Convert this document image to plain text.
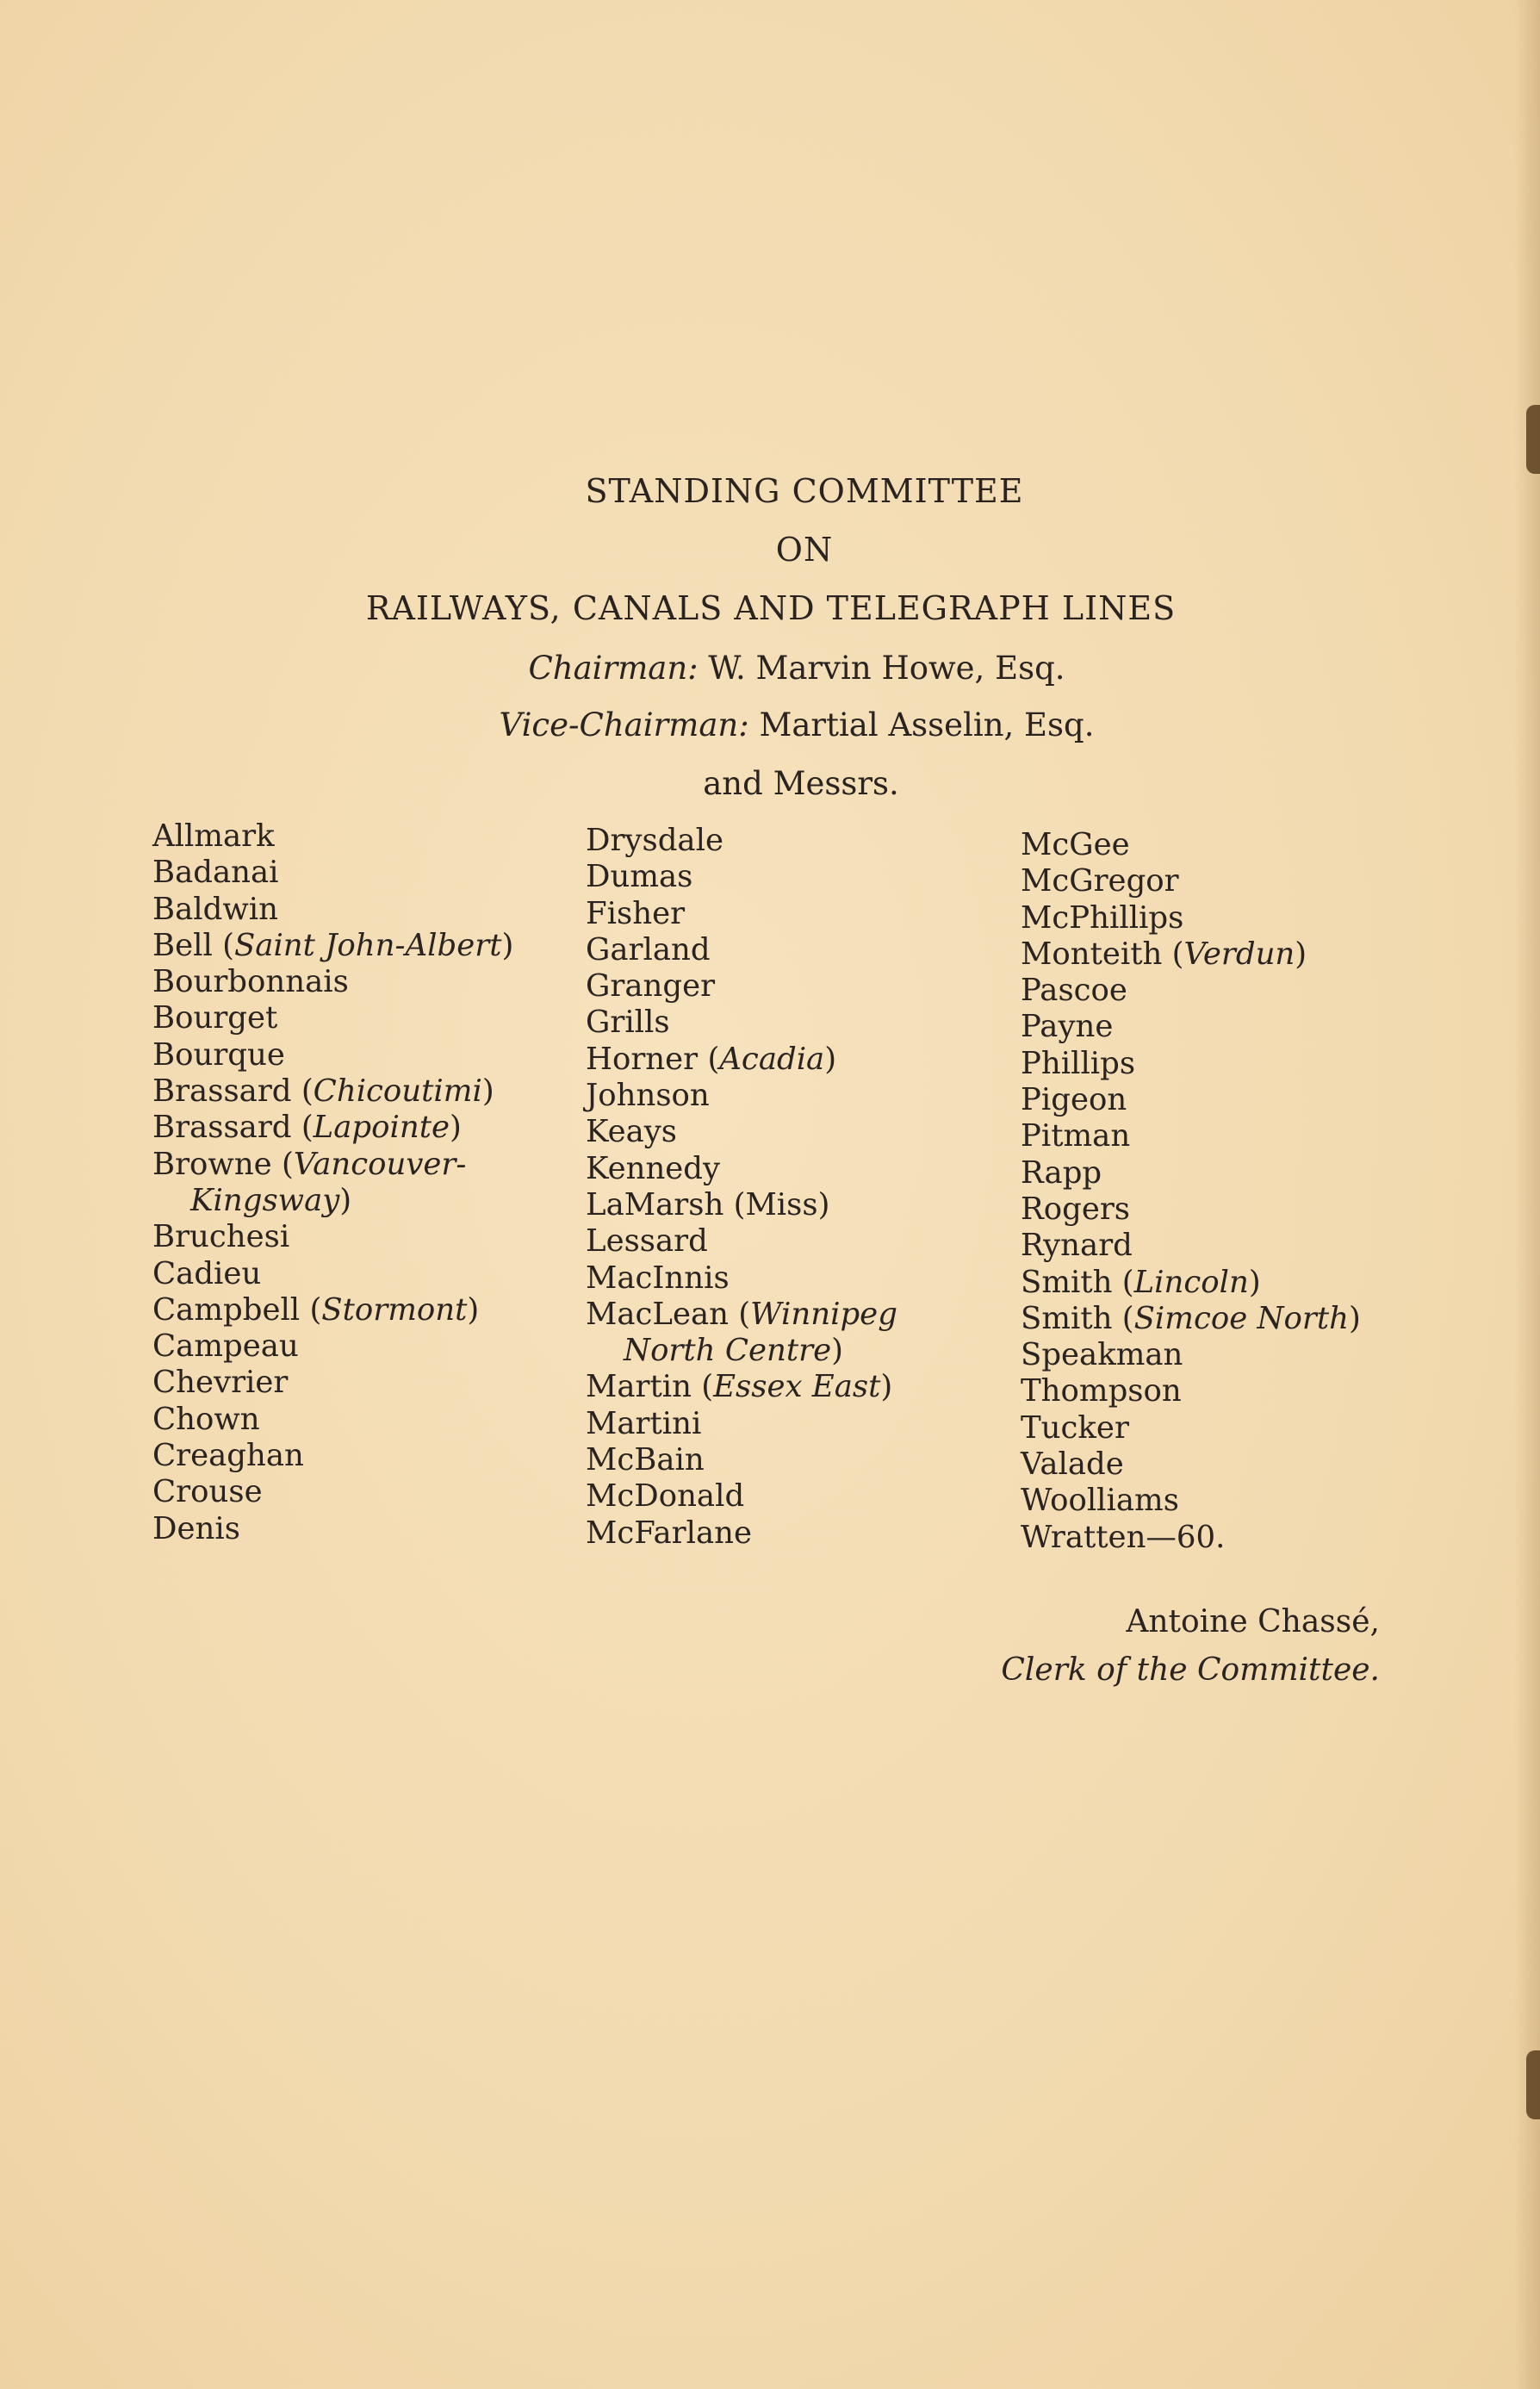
STANDING COMMITTEE
ON
RAILWAYS, CANALS AND TELEGRAPH LINES
Chairman: W. Marvin Howe, Esq.
Vice-Chairman: Martial Asselin, Esq.
and Messrs.
Allmark
Badanai
Baldwin
Bell (Saint John-Albert)
Bourbonnais
Bourget
Bourque
Brassard (Chicoutimi)
Brassard (Lapointe)
Browne (Vancouver-
Kingsway)
Bruchesi
Cadieu
Campbell (Stormont)
Campeau
Chevrier
Chown
Creaghan
Crouse
Denis
Drysdale
Dumas
Fisher
Garland
Granger
Grills
Horner (Acadia)
Johnson
Keays
Kennedy
LaMarsh (Miss)
Lessard
MacInnis
MacLean (Winnipeg
North Centre)
Martin (Essex East)
Martini
McBain
McDonald
McFarlane
McGee
McGregor
McPhillips
Monteith (Verdun)
Pascoe
Payne
Phillips
Pigeon
Pitman
Rapp
Rogers
Rynard
Smith (Lincoln)
Smith (Simcoe North)
Speakman
Thompson
Tucker
Valade
Woolliams
Wratten—60.
Antoine Chassé,
Clerk of the Committee.
